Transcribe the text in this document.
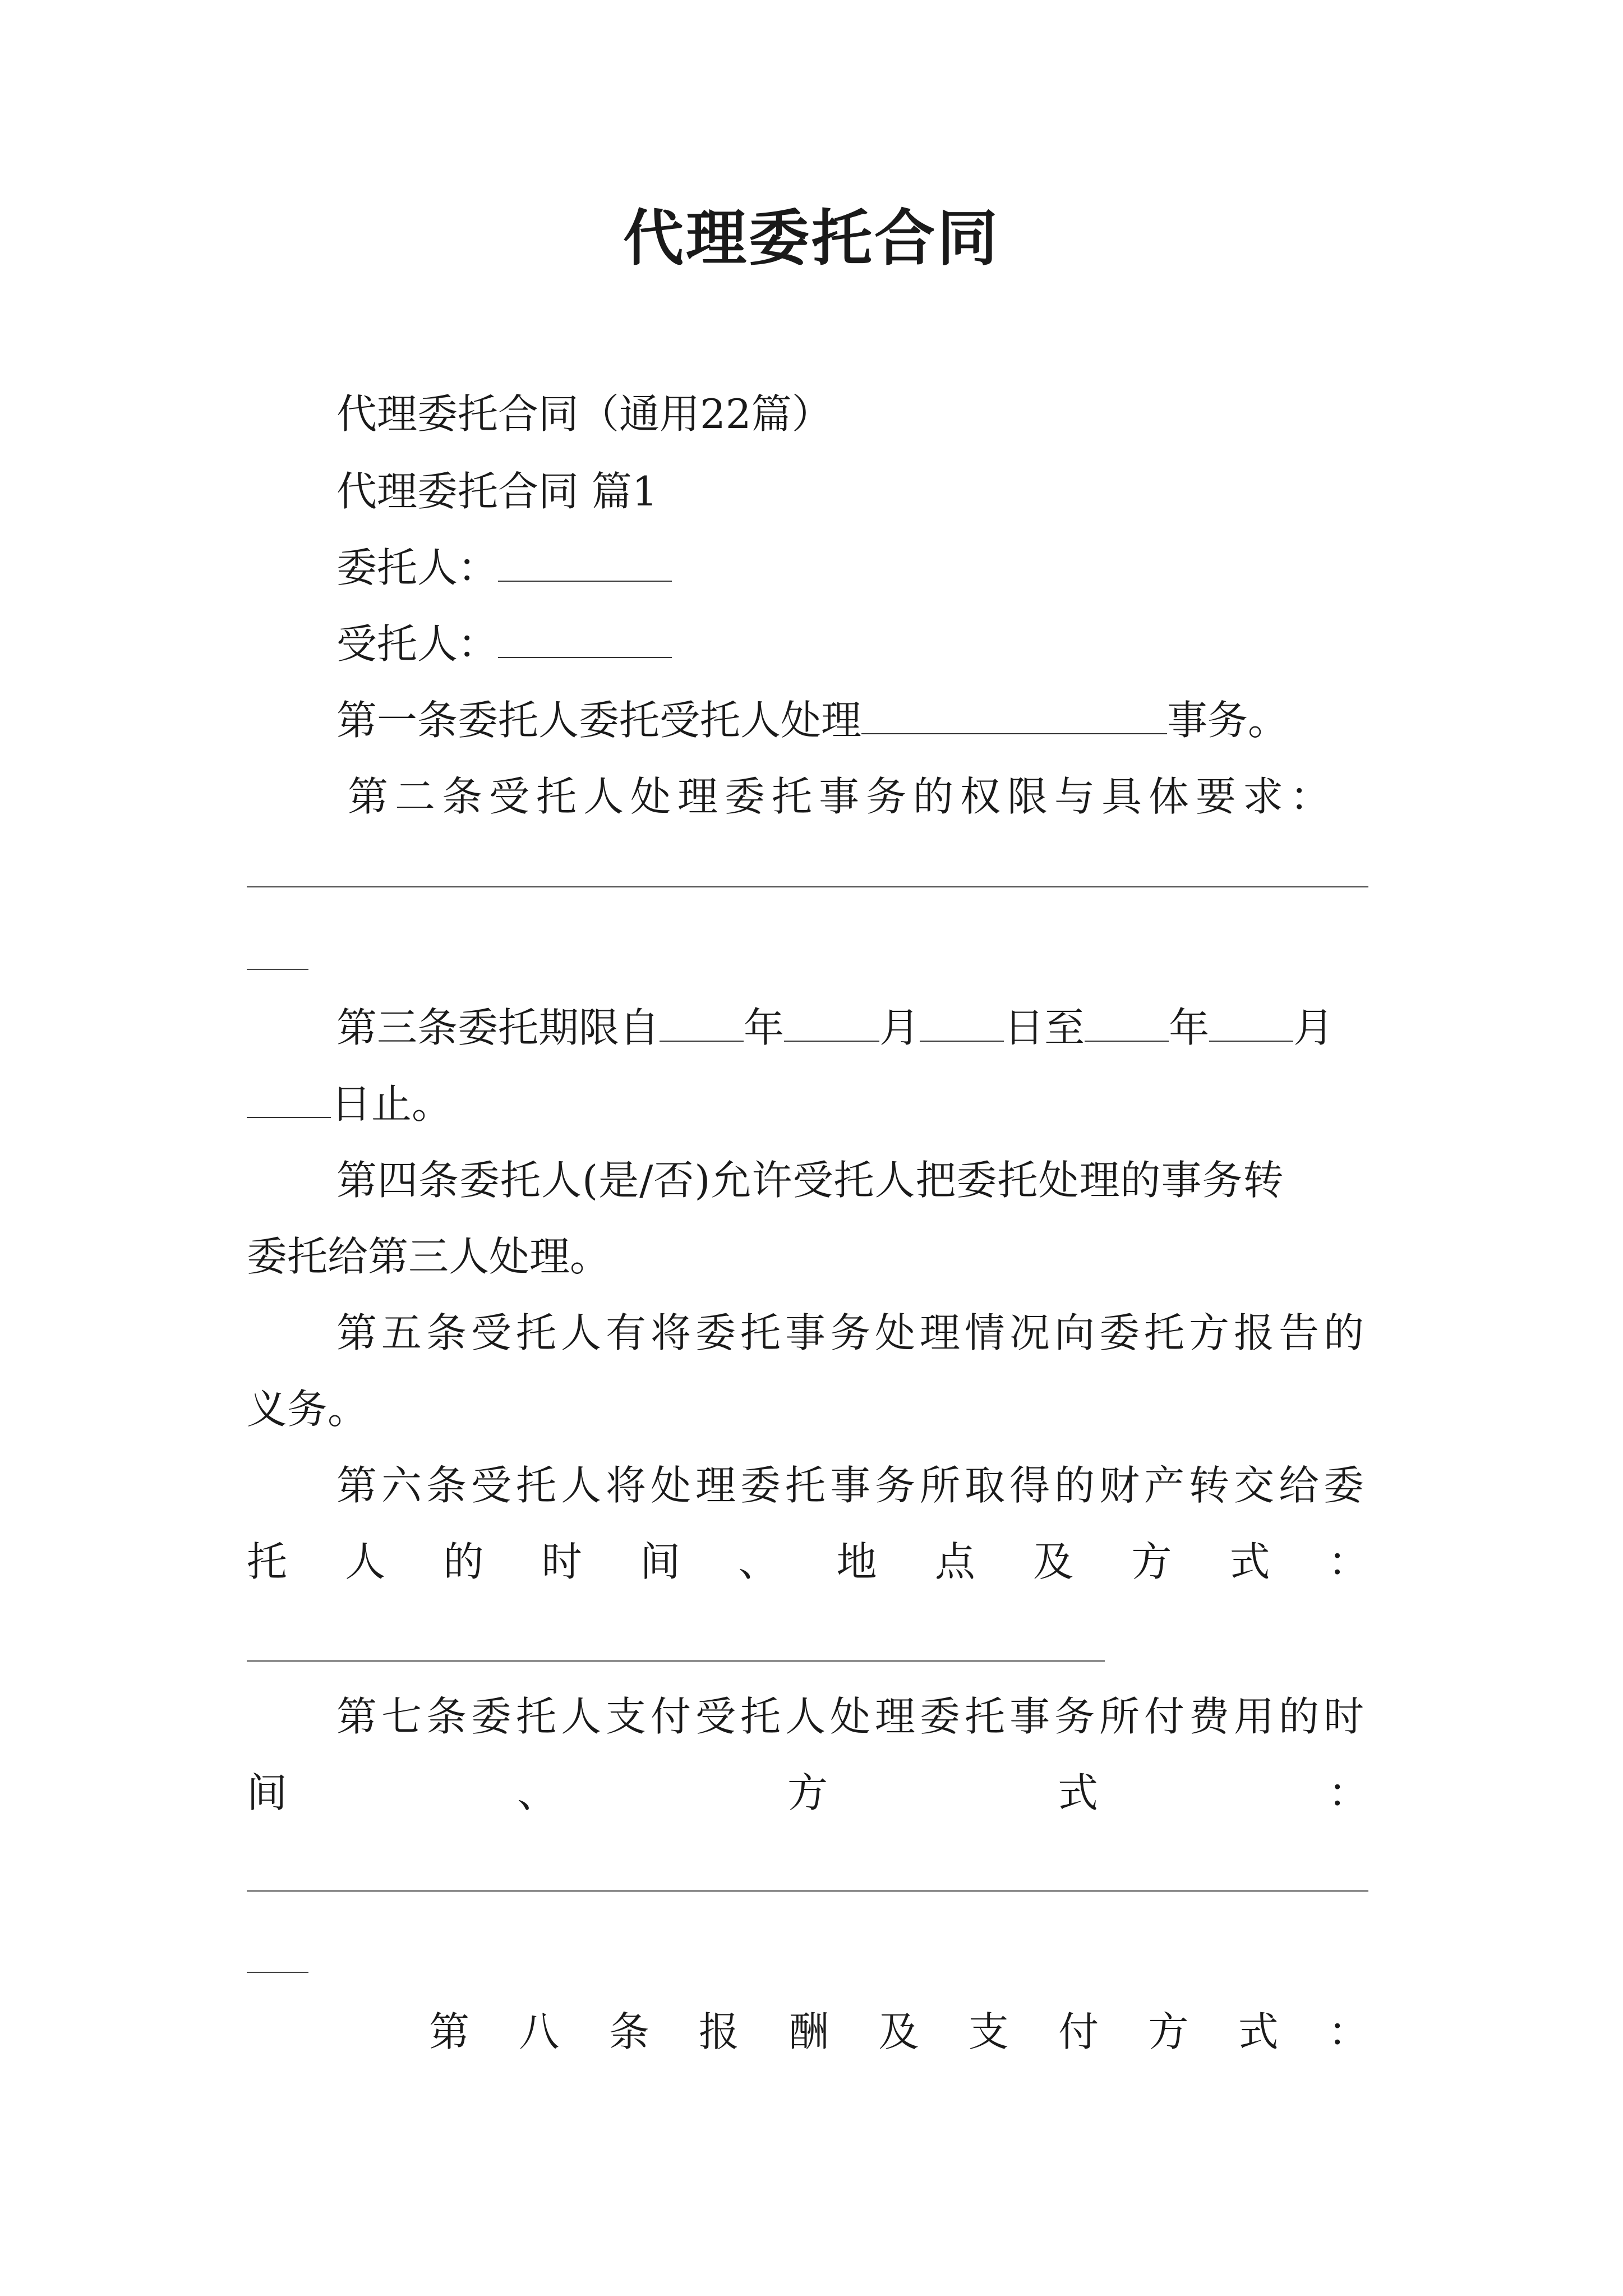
代理委托合同
代理委托合同（通用22篇）
代理委托合同 篇1
委托人：
受托人：
第一条委托人委托受托人处理	事务。
第二条受托人处理委托事务的权限与具体要求：
第三条委托期限自 年 月 日至 年 月
日止。
第四条委托人(是/否)允许受托人把委托处理的事务转
委托给第三人处理。
第五条受托人有将委托事务处理情况向委托方报告的
义务。
第六条受托人将处理委托事务所取得的财产转交给委
托 人 的 时 间 、 地 点 及 方 式 ：
第七条委托人支付受托人处理委托事务所付费用的时
间	、	方	式	：
第 八 条 报 酬 及 支 付 方 式 ：
